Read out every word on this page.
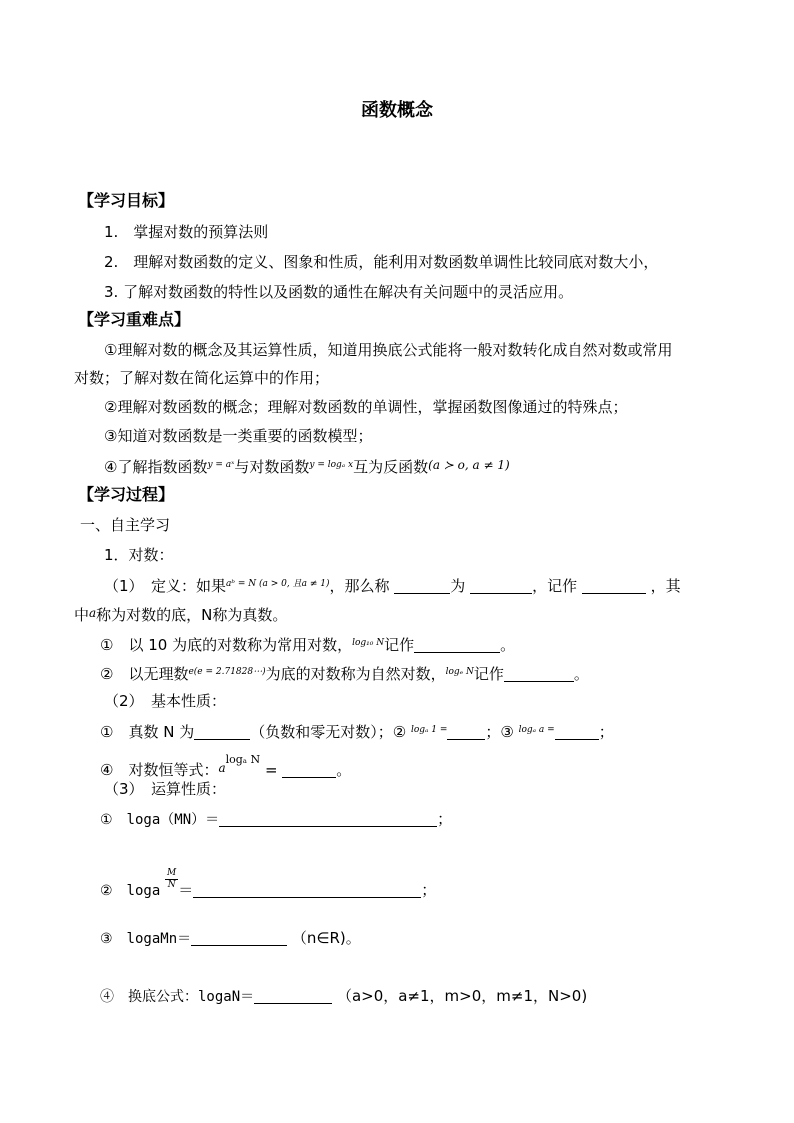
函数概念
【学习目标】
1.　掌握对数的预算法则
2.　理解对数函数的定义、图象和性质，能利用对数函数单调性比较同底对数大小，
3. 了解对数函数的特性以及函数的通性在解决有关问题中的灵活应用。
【学习重难点】
①理解对数的概念及其运算性质，知道用换底公式能将一般对数转化成自然对数或常用
对数；了解对数在简化运算中的作用；
②理解对数函数的概念；理解对数函数的单调性，掌握函数图像通过的特殊点；
③知道对数函数是一类重要的函数模型；
④了解指数函数$^{y = aˣ}$与对数函数$^{y = log_a x}$互为反函数$^{(a ≻ o, a \ne 1)}$
【学习过程】
一、自主学习
1．对数：
（1）　定义：如果$^{aᵇ = N (a > 0, 且a \ne 1)}$，那么称	为	，记作	，其
中$^a$称为对数的底，N称为真数。
①　以 10 为底的对数称为常用对数，$^{log_{10} N}$记作	。
②　以无理数$^{e(e = 2.71828\cdots)}$为底的对数称为自然对数，$^{log_e N}$记作	。
（2）　基本性质：
①　真数 N 为	（负数和零无对数）；② $^{log_a 1 =}$	；③ $^{log_a a =}$	；
④　对数恒等式：$^{alog_a N}$ =	。
（3）　运算性质：
①　loga（MN）＝	；
②　loga $\frac{M}{N}$ ＝	；
③　logaMn＝	（n∈R)。
④　换底公式：logaN＝	（a>0，a≠1，m>0，m≠1，N>0)
